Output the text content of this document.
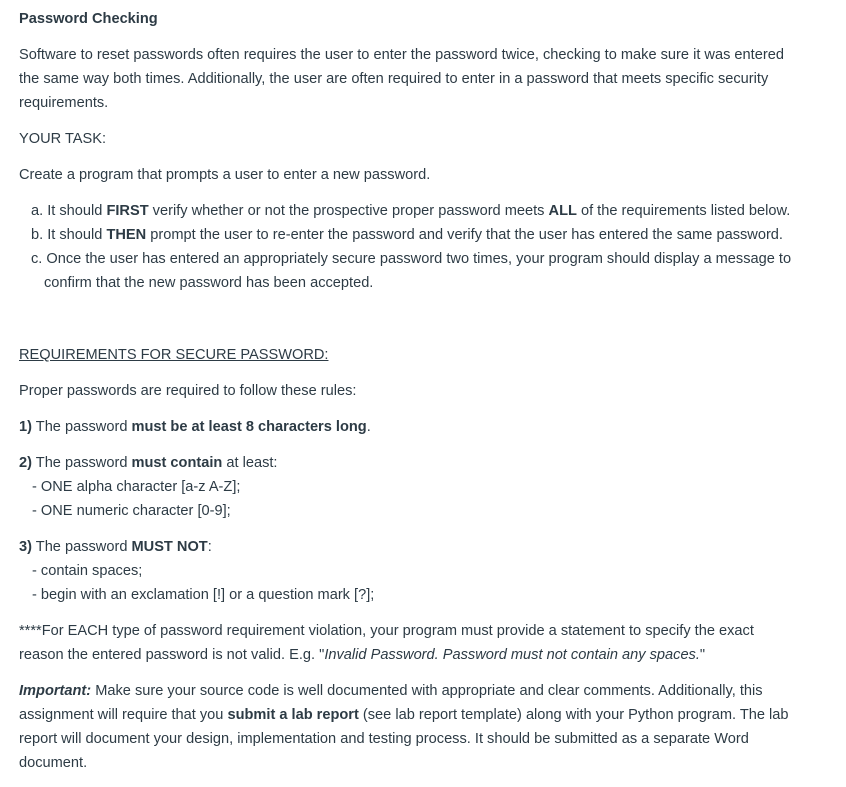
Password Checking
Software to reset passwords often requires the user to enter the password twice, checking to make sure it was entered
the same way both times. Additionally, the user are often required to enter in a password that meets specific security
requirements.
YOUR TASK:
Create a program that prompts a user to enter a new password.
a. It should FIRST verify whether or not the prospective proper password meets ALL of the requirements listed below.
b. It should THEN prompt the user to re-enter the password and verify that the user has entered the same password.
c. Once the user has entered an appropriately secure password two times, your program should display a message to
confirm that the new password has been accepted.
REQUIREMENTS FOR SECURE PASSWORD:
Proper passwords are required to follow these rules:
1) The password must be at least 8 characters long.
2) The password must contain at least:
- ONE alpha character [a-z A-Z];
- ONE numeric character [0-9];
3) The password MUST NOT:
- contain spaces;
- begin with an exclamation [!] or a question mark [?];
****For EACH type of password requirement violation, your program must provide a statement to specify the exact
reason the entered password is not valid. E.g. "Invalid Password. Password must not contain any spaces."
Important: Make sure your source code is well documented with appropriate and clear comments. Additionally, this
assignment will require that you submit a lab report (see lab report template) along with your Python program. The lab
report will document your design, implementation and testing process. It should be submitted as a separate Word
document.
